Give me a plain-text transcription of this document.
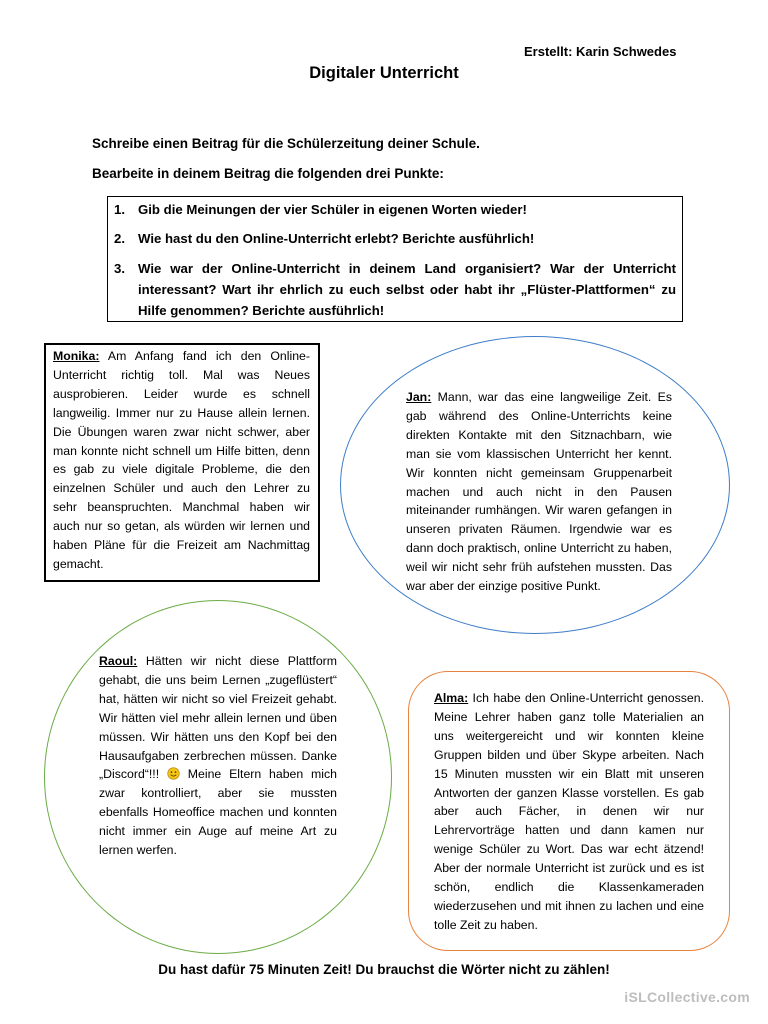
Erstellt: Karin Schwedes
Digitaler Unterricht
Schreibe einen Beitrag für die Schülerzeitung deiner Schule.
Bearbeite in deinem Beitrag die folgenden drei Punkte:
1. Gib die Meinungen der vier Schüler in eigenen Worten wieder!
2. Wie hast du den Online-Unterricht erlebt? Berichte ausführlich!
3. Wie war der Online-Unterricht in deinem Land organisiert? War der Unterricht interessant? Wart ihr ehrlich zu euch selbst oder habt ihr „Flüster-Plattformen“ zu Hilfe genommen? Berichte ausführlich!
Monika: Am Anfang fand ich den Online-Unterricht richtig toll. Mal was Neues ausprobieren. Leider wurde es schnell langweilig. Immer nur zu Hause allein lernen. Die Übungen waren zwar nicht schwer, aber man konnte nicht schnell um Hilfe bitten, denn es gab zu viele digitale Probleme, die den einzelnen Schüler und auch den Lehrer zu sehr beanspruchten. Manchmal haben wir auch nur so getan, als würden wir lernen und haben Pläne für die Freizeit am Nachmittag gemacht.
Jan: Mann, war das eine langweilige Zeit. Es gab während des Online-Unterrichts keine direkten Kontakte mit den Sitznachbarn, wie man sie vom klassischen Unterricht her kennt. Wir konnten nicht gemeinsam Gruppenarbeit machen und auch nicht in den Pausen miteinander rumhängen. Wir waren gefangen in unseren privaten Räumen. Irgendwie war es dann doch praktisch, online Unterricht zu haben, weil wir nicht sehr früh aufstehen mussten. Das war aber der einzige positive Punkt.
Raoul: Hätten wir nicht diese Plattform gehabt, die uns beim Lernen „zugeflüstert“ hat, hätten wir nicht so viel Freizeit gehabt. Wir hätten viel mehr allein lernen und üben müssen. Wir hätten uns den Kopf bei den Hausaufgaben zerbrechen müssen. Danke „Discord“!!! Meine Eltern haben mich zwar kontrolliert, aber sie mussten ebenfalls Homeoffice machen und konnten nicht immer ein Auge auf meine Art zu lernen werfen.
Alma: Ich habe den Online-Unterricht genossen. Meine Lehrer haben ganz tolle Materialien an uns weitergereicht und wir konnten kleine Gruppen bilden und über Skype arbeiten. Nach 15 Minuten mussten wir ein Blatt mit unseren Antworten der ganzen Klasse vorstellen. Es gab aber auch Fächer, in denen wir nur Lehrervorträge hatten und dann kamen nur wenige Schüler zu Wort. Das war echt ätzend! Aber der normale Unterricht ist zurück und es ist schön, endlich die Klassenkameraden wiederzusehen und mit ihnen zu lachen und eine tolle Zeit zu haben.
Du hast dafür 75 Minuten Zeit! Du brauchst die Wörter nicht zu zählen!
iSLCollective.com
